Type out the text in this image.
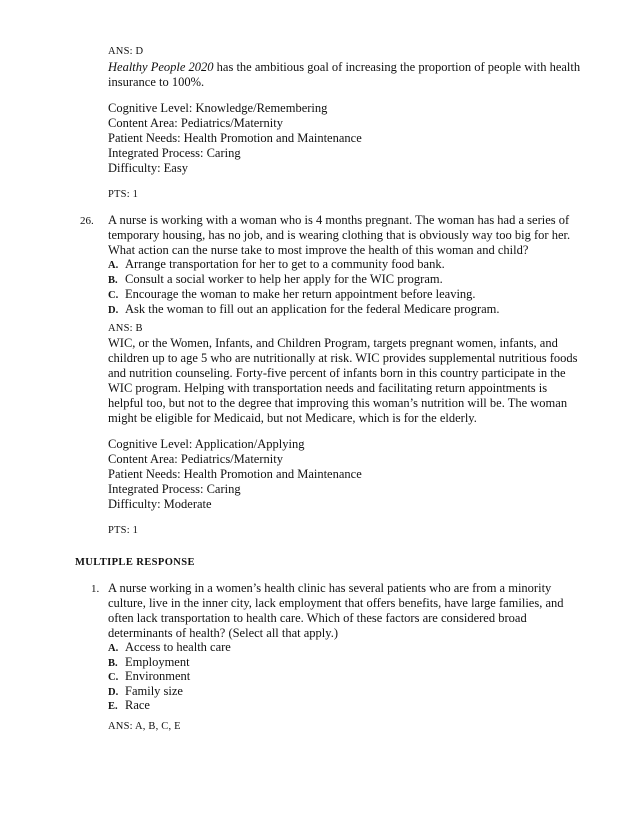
ANS: D
Healthy People 2020 has the ambitious goal of increasing the proportion of people with health
insurance to 100%.
Cognitive Level: Knowledge/Remembering
Content Area: Pediatrics/Maternity
Patient Needs: Health Promotion and Maintenance
Integrated Process: Caring
Difficulty: Easy
PTS: 1
26. A nurse is working with a woman who is 4 months pregnant. The woman has had a series of
temporary housing, has no job, and is wearing clothing that is obviously way too big for her.
What action can the nurse take to most improve the health of this woman and child?
A. Arrange transportation for her to get to a community food bank.
B. Consult a social worker to help her apply for the WIC program.
C. Encourage the woman to make her return appointment before leaving.
D. Ask the woman to fill out an application for the federal Medicare program.
ANS: B
WIC, or the Women, Infants, and Children Program, targets pregnant women, infants, and
children up to age 5 who are nutritionally at risk. WIC provides supplemental nutritious foods
and nutrition counseling. Forty-five percent of infants born in this country participate in the
WIC program. Helping with transportation needs and facilitating return appointments is
helpful too, but not to the degree that improving this woman’s nutrition will be. The woman
might be eligible for Medicaid, but not Medicare, which is for the elderly.
Cognitive Level: Application/Applying
Content Area: Pediatrics/Maternity
Patient Needs: Health Promotion and Maintenance
Integrated Process: Caring
Difficulty: Moderate
PTS: 1
MULTIPLE RESPONSE
1. A nurse working in a women’s health clinic has several patients who are from a minority
culture, live in the inner city, lack employment that offers benefits, have large families, and
often lack transportation to health care. Which of these factors are considered broad
determinants of health? (Select all that apply.)
A. Access to health care
B. Employment
C. Environment
D. Family size
E. Race
ANS: A, B, C, E
